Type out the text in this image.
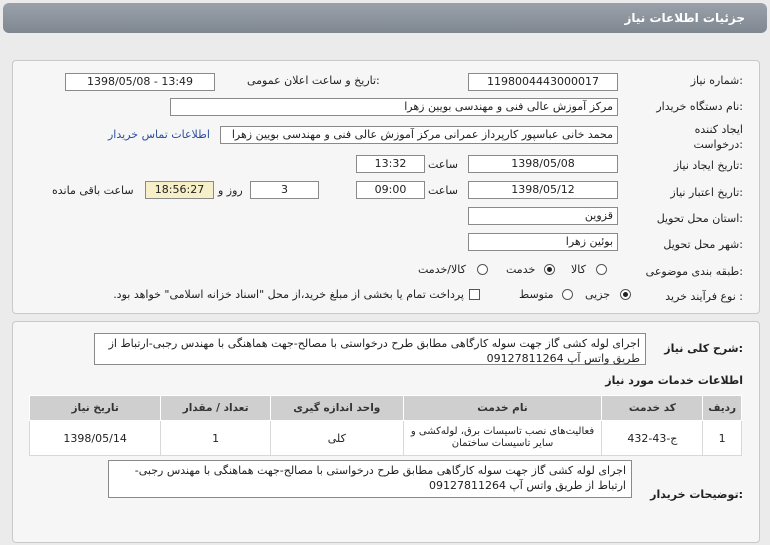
جزئیات اطلاعات نیاز
شماره نیاز:
1198004443000017
تاریخ و ساعت اعلان عمومی:
1398/05/08 - 13:49
نام دستگاه خریدار:
مرکز آموزش عالی فنی و مهندسی بویین زهرا
ایجاد کننده
درخواست:
محمد خانی عباسپور کارپرداز عمرانی مرکز آموزش عالی فنی و مهندسی بویین زهرا
اطلاعات تماس خریدار
تاریخ ایجاد نیاز:
1398/05/08
ساعت
13:32
تاریخ اعتبار نیاز:
1398/05/12
ساعت
09:00
3
روز و
18:56:27
ساعت باقی مانده
استان محل تحویل:
قزوین
شهر محل تحویل:
بوئین زهرا
طبقه بندی موضوعی:
کالا
خدمت
کالا/خدمت
نوع فرآیند خرید :
جزیی
متوسط
پرداخت تمام یا بخشی از مبلغ خرید،از محل "اسناد خزانه اسلامی" خواهد بود.
شرح کلی نیاز:
اجرای لوله کشی گاز جهت سوله کارگاهی مطابق طرح درخواستی با مصالح-جهت هماهنگی با مهندس رجبی-ارتباط از طریق واتس آپ 09127811264
اطلاعات خدمات مورد نیاز
ردیف	کد خدمت	نام خدمت	واحد اندازه گیری	تعداد / مقدار	تاریخ نیاز
1	ج-43-432	فعالیت‌های نصب تاسیسات برق، لوله‌کشی و سایر تاسیسات ساختمان	کلی	1	1398/05/14
توضیحات خریدار:
اجرای لوله کشی گاز جهت سوله کارگاهی مطابق طرح درخواستی با مصالح-جهت هماهنگی با مهندس رجبی-ارتباط از طریق واتس آپ 09127811264
